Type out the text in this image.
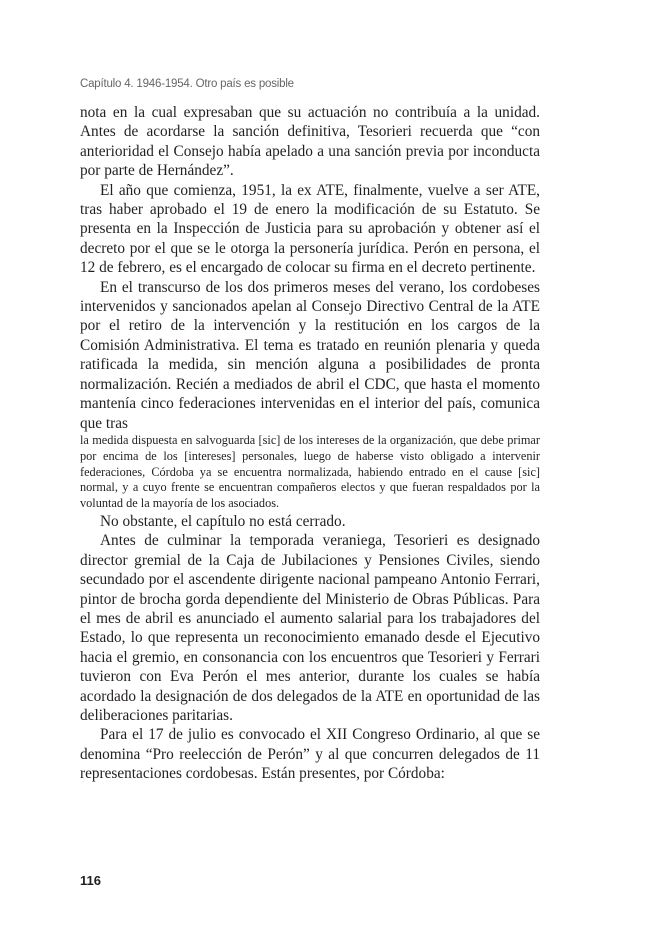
Capítulo 4. 1946-1954. Otro país es posible

nota en la cual expresaban que su actuación no contribuía a la unidad. Antes de acordarse la sanción definitiva, Tesorieri recuerda que “con anterioridad el Consejo había apelado a una sanción previa por inconducta por parte de Hernández”.

El año que comienza, 1951, la ex ATE, finalmente, vuelve a ser ATE, tras haber aprobado el 19 de enero la modificación de su Estatuto. Se presenta en la Inspección de Justicia para su aprobación y obtener así el decreto por el que se le otorga la personería jurídica. Perón en persona, el 12 de febrero, es el encargado de colocar su firma en el decreto pertinente.

En el transcurso de los dos primeros meses del verano, los cordobeses intervenidos y sancionados apelan al Consejo Directivo Central de la ATE por el retiro de la intervención y la restitución en los cargos de la Comisión Administrativa. El tema es tratado en reunión plenaria y queda ratificada la medida, sin mención alguna a posibilidades de pronta normalización. Recién a mediados de abril el CDC, que hasta el momento mantenía cinco federaciones intervenidas en el interior del país, comunica que tras

la medida dispuesta en salvoguarda [sic] de los intereses de la organización, que debe primar por encima de los [intereses] personales, luego de haberse visto obligado a intervenir federaciones, Córdoba ya se encuentra normalizada, habiendo entrado en el cause [sic] normal, y a cuyo frente se encuentran compañeros electos y que fueran respaldados por la voluntad de la mayoría de los asociados.

No obstante, el capítulo no está cerrado.

Antes de culminar la temporada veraniega, Tesorieri es designado director gremial de la Caja de Jubilaciones y Pensiones Civiles, siendo secundado por el ascendente dirigente nacional pampeano Antonio Ferrari, pintor de brocha gorda dependiente del Ministerio de Obras Públicas. Para el mes de abril es anunciado el aumento salarial para los trabajadores del Estado, lo que representa un reconocimiento emanado desde el Ejecutivo hacia el gremio, en consonancia con los encuentros que Tesorieri y Ferrari tuvieron con Eva Perón el mes anterior, durante los cuales se había acordado la designación de dos delegados de la ATE en oportunidad de las deliberaciones paritarias.

Para el 17 de julio es convocado el XII Congreso Ordinario, al que se denomina “Pro reelección de Perón” y al que concurren delegados de 11 representaciones cordobesas. Están presentes, por Córdoba:

116
